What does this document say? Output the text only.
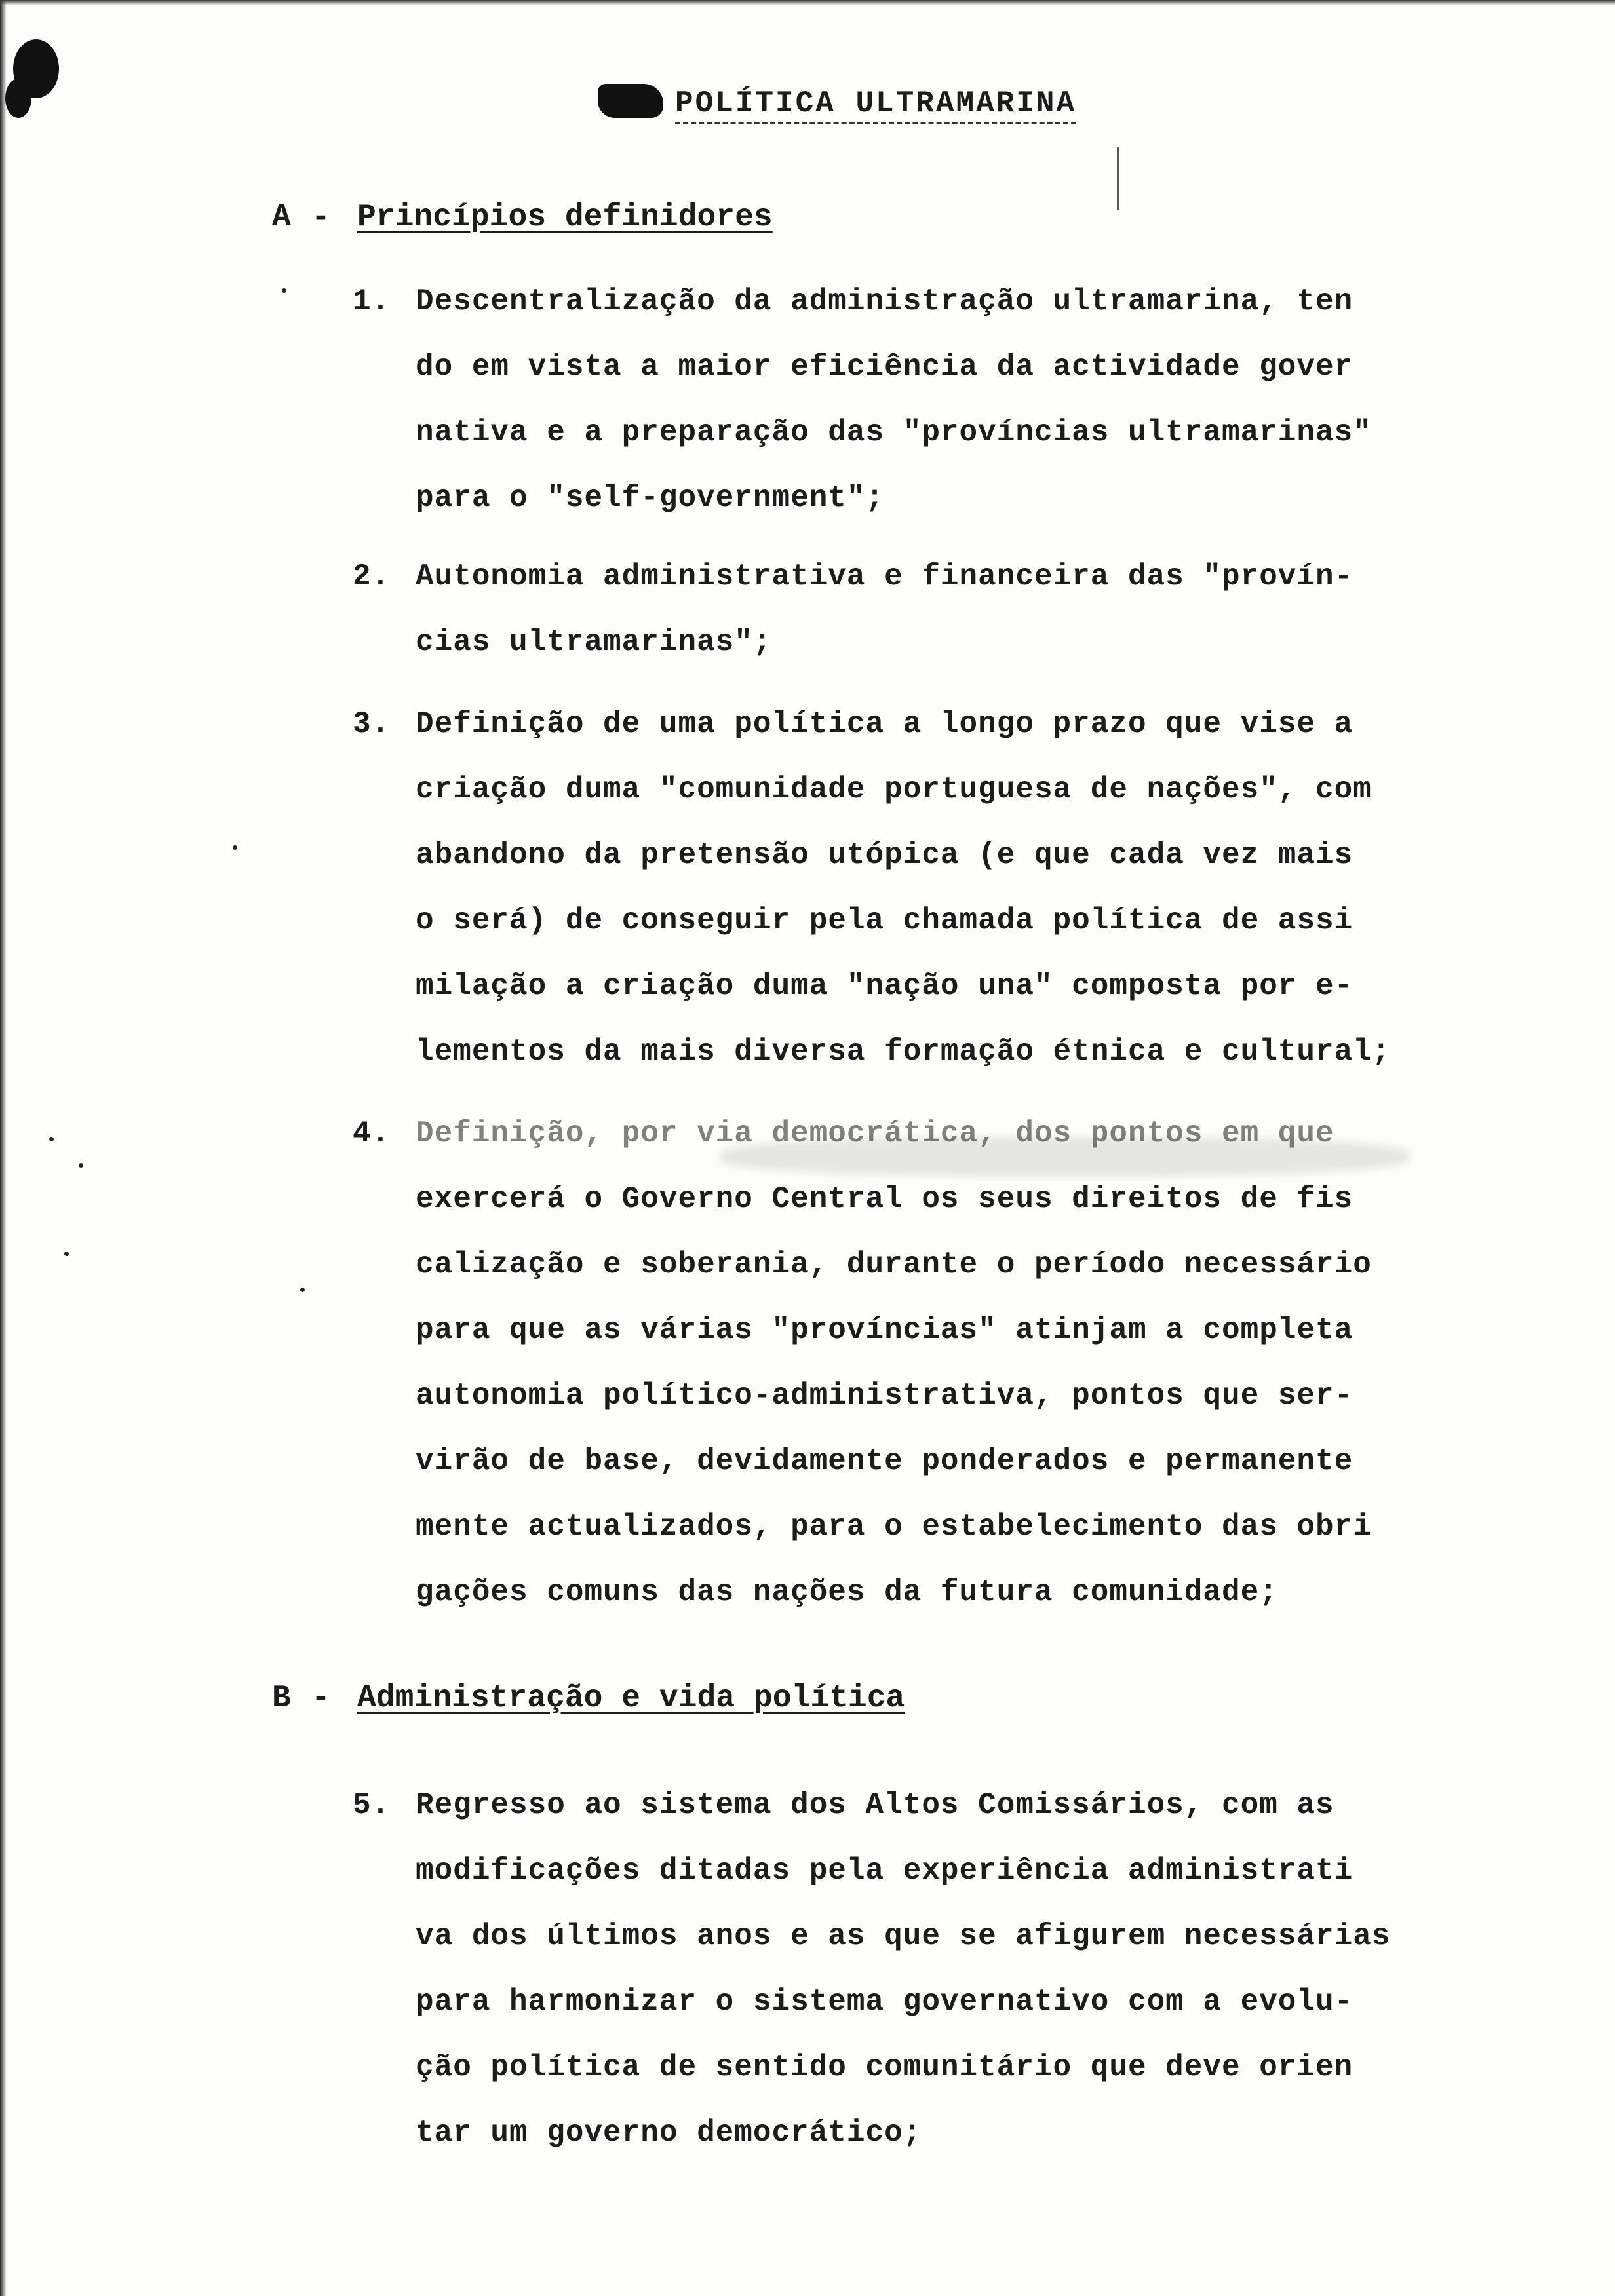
POLÍTICA ULTRAMARINA
A - Princípios definidores
1. Descentralização da administração ultramarina, ten
do em vista a maior eficiência da actividade gover
nativa e a preparação das "províncias ultramarinas"
para o "self-government";
2. Autonomia administrativa e financeira das "provín-
cias ultramarinas";
3. Definição de uma política a longo prazo que vise a
criação duma "comunidade portuguesa de nações", com
abandono da pretensão utópica (e que cada vez mais
o será) de conseguir pela chamada política de assi
milação a criação duma "nação una" composta por e-
lementos da mais diversa formação étnica e cultural;
4. Definição, por via democrática, dos pontos em que
exercerá o Governo Central os seus direitos de fis
calização e soberania, durante o período necessário
para que as várias "províncias" atinjam a completa
autonomia político-administrativa, pontos que ser-
virão de base, devidamente ponderados e permanente
mente actualizados, para o estabelecimento das obri
gações comuns das nações da futura comunidade;
B - Administração e vida política
5. Regresso ao sistema dos Altos Comissários, com as
modificações ditadas pela experiência administrati
va dos últimos anos e as que se afigurem necessárias
para harmonizar o sistema governativo com a evolu-
ção política de sentido comunitário que deve orien
tar um governo democrático;
